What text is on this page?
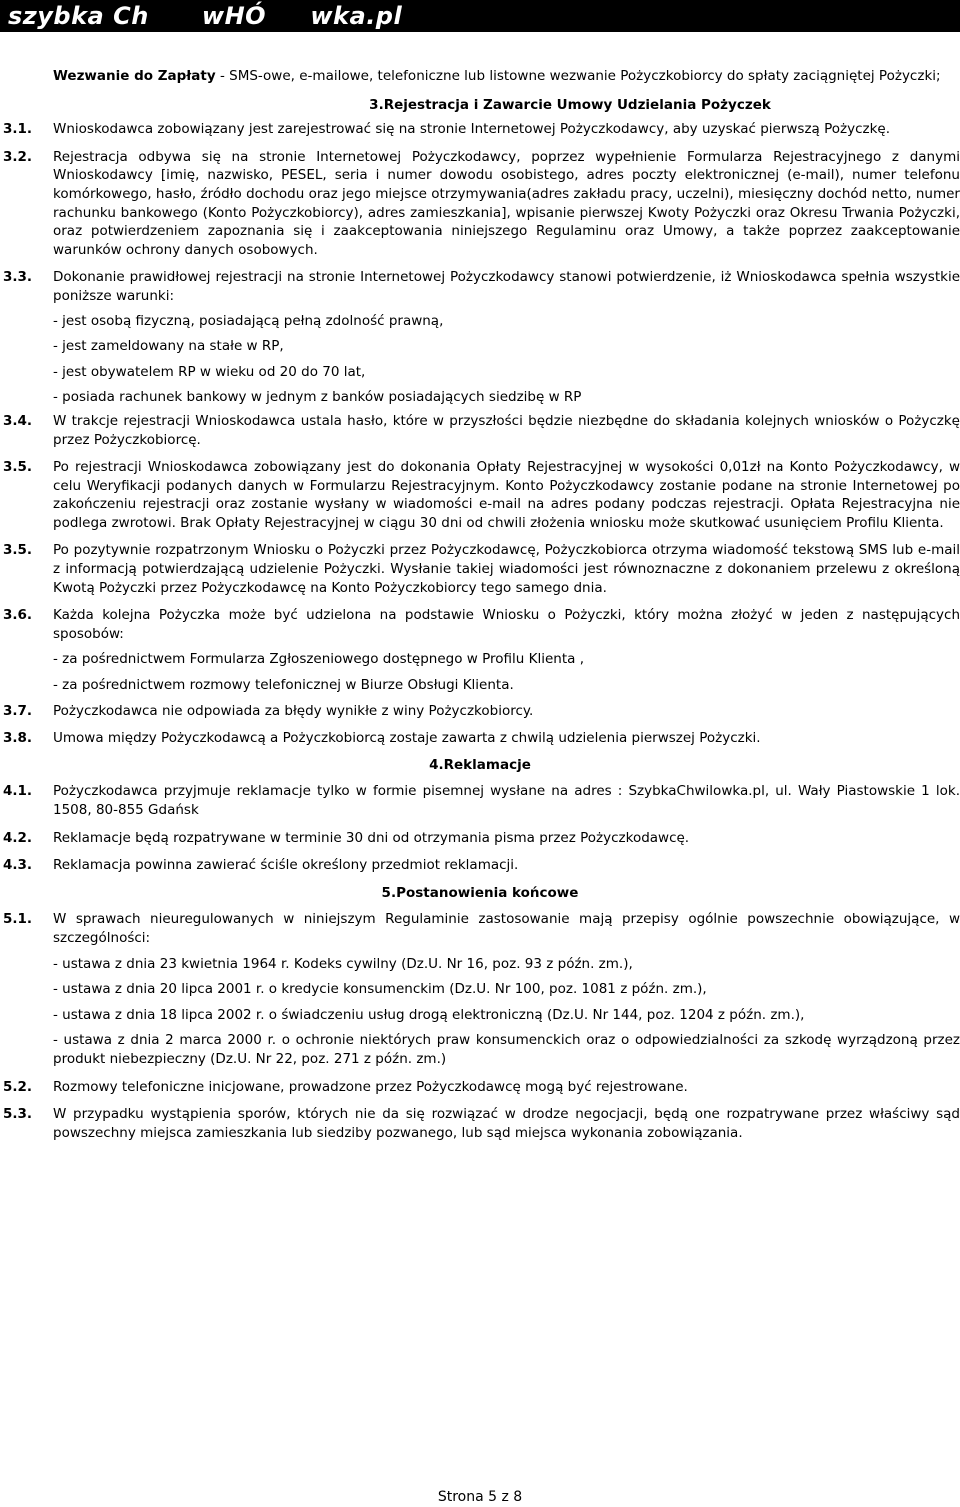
szybka Ch      wHÓ     wka.pl
Wezwanie do Zapłaty - SMS-owe, e-mailowe, telefoniczne lub listowne wezwanie Pożyczkobiorcy do spłaty zaciągniętej Pożyczki;
3.Rejestracja i Zawarcie Umowy Udzielania Pożyczek
3.1. Wnioskodawca zobowiązany jest zarejestrować się na stronie Internetowej Pożyczkodawcy, aby uzyskać pierwszą Pożyczkę.
3.2. Rejestracja odbywa się na stronie Internetowej Pożyczkodawcy, poprzez wypełnienie Formularza Rejestracyjnego z danymi Wnioskodawcy [imię, nazwisko, PESEL, seria i numer dowodu osobistego, adres poczty elektronicznej (e-mail), numer telefonu komórkowego, hasło, źródło dochodu oraz jego miejsce otrzymywania(adres zakładu pracy, uczelni), miesięczny dochód netto, numer rachunku bankowego (Konto Pożyczkobiorcy), adres zamieszkania], wpisanie pierwszej Kwoty Pożyczki oraz Okresu Trwania Pożyczki, oraz potwierdzeniem zapoznania się i zaakceptowania niniejszego Regulaminu oraz Umowy, a także poprzez zaakceptowanie warunków ochrony danych osobowych.
3.3. Dokonanie prawidłowej rejestracji na stronie Internetowej Pożyczkodawcy stanowi potwierdzenie, iż Wnioskodawca spełnia wszystkie poniższe warunki:
- jest osobą fizyczną, posiadającą pełną zdolność prawną,
- jest zameldowany na stałe w RP,
- jest obywatelem RP w wieku od 20 do 70 lat,
- posiada rachunek bankowy w jednym z banków posiadających siedzibę w RP
3.4. W trakcje rejestracji Wnioskodawca ustala hasło, które w przyszłości będzie niezbędne do składania kolejnych wniosków o Pożyczkę przez Pożyczkobiorcę.
3.5. Po rejestracji Wnioskodawca zobowiązany jest do dokonania Opłaty Rejestracyjnej w wysokości 0,01zł na Konto Pożyczkodawcy, w celu Weryfikacji podanych danych w Formularzu Rejestracyjnym. Konto Pożyczkodawcy zostanie podane na stronie Internetowej po zakończeniu rejestracji oraz zostanie wysłany w wiadomości e-mail na adres podany podczas rejestracji. Opłata Rejestracyjna nie podlega zwrotowi. Brak Opłaty Rejestracyjnej w ciągu 30 dni od chwili złożenia wniosku może skutkować usunięciem Profilu Klienta.
3.5. Po pozytywnie rozpatrzonym Wniosku o Pożyczki przez Pożyczkodawcę, Pożyczkobiorca otrzyma wiadomość tekstową SMS lub e-mail z informacją potwierdzającą udzielenie Pożyczki. Wysłanie takiej wiadomości jest równoznaczne z dokonaniem przelewu z określoną Kwotą Pożyczki przez Pożyczkodawcę na Konto Pożyczkobiorcy tego samego dnia.
3.6. Każda kolejna Pożyczka może być udzielona na podstawie Wniosku o Pożyczki, który można złożyć w jeden z następujących sposobów:
- za pośrednictwem Formularza Zgłoszeniowego dostępnego w Profilu Klienta ,
- za pośrednictwem rozmowy telefonicznej w Biurze Obsługi Klienta.
3.7. Pożyczkodawca nie odpowiada za błędy wynikłe z winy Pożyczkobiorcy.
3.8. Umowa między Pożyczkodawcą a Pożyczkobiorcą zostaje zawarta z chwilą udzielenia pierwszej Pożyczki.
4.Reklamacje
4.1. Pożyczkodawca przyjmuje reklamacje tylko w formie pisemnej wysłane na adres : SzybkaChwilowka.pl, ul. Wały Piastowskie 1 lok. 1508, 80-855 Gdańsk
4.2. Reklamacje będą rozpatrywane w terminie 30 dni od otrzymania pisma przez Pożyczkodawcę.
4.3. Reklamacja powinna zawierać ściśle określony przedmiot reklamacji.
5.Postanowienia końcowe
5.1. W sprawach nieuregulowanych w niniejszym Regulaminie zastosowanie mają przepisy ogólnie powszechnie obowiązujące, w szczególności:
- ustawa z dnia 23 kwietnia 1964 r. Kodeks cywilny (Dz.U. Nr 16, poz. 93 z późn. zm.),
- ustawa z dnia 20 lipca 2001 r. o kredycie konsumenckim (Dz.U. Nr 100, poz. 1081 z późn. zm.),
- ustawa z dnia 18 lipca 2002 r. o świadczeniu usług drogą elektroniczną (Dz.U. Nr 144, poz. 1204 z późn. zm.),
- ustawa z dnia 2 marca 2000 r. o ochronie niektórych praw konsumenckich oraz o odpowiedzialności za szkodę wyrządzoną przez produkt niebezpieczny (Dz.U. Nr 22, poz. 271 z późn. zm.)
5.2. Rozmowy telefoniczne inicjowane, prowadzone przez Pożyczkodawcę mogą być rejestrowane.
5.3. W przypadku wystąpienia sporów, których nie da się rozwiązać w drodze negocjacji, będą one rozpatrywane przez właściwy sąd powszechny miejsca zamieszkania lub siedziby pozwanego, lub sąd miejsca wykonania zobowiązania.
Strona 5 z 8
